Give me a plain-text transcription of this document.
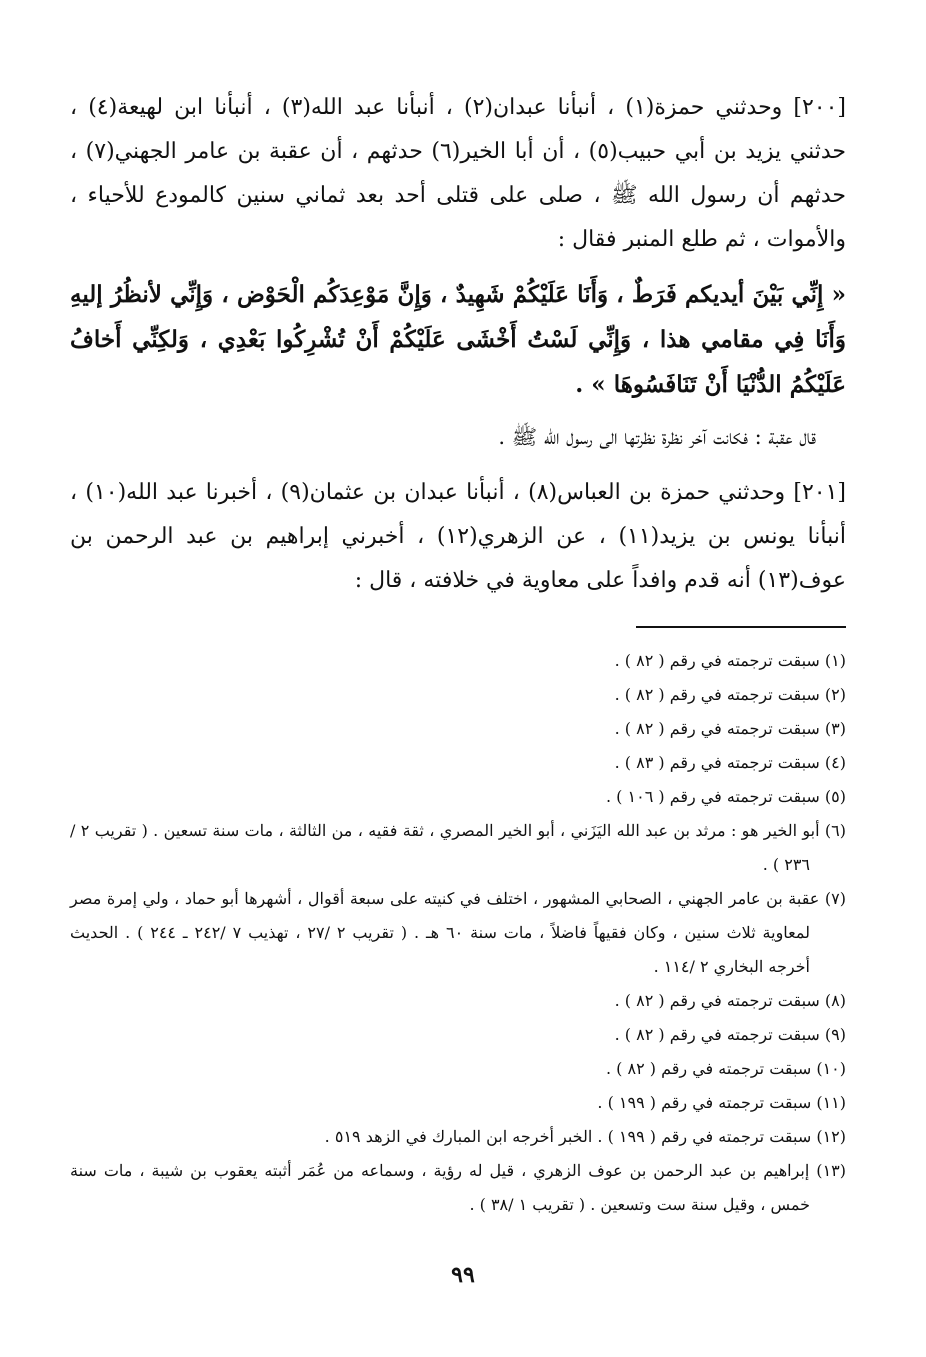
[٢٠٠] وحدثني حمزة(١) ، أنبأنا عبدان(٢) ، أنبأنا عبد الله(٣) ، أنبأنا ابن لهيعة(٤) ، حدثني يزيد بن أبي حبيب(٥) ، أن أبا الخير(٦) حدثهم ، أن عقبة بن عامر الجهني(٧) ، حدثهم أن رسول الله ﷺ ، صلى على قتلى أحد بعد ثماني سنين كالمودع للأحياء ، والأموات ، ثم طلع المنبر فقال :

« إِنِّي بَيْنَ أيديكم فَرَطٌ ، وَأَنَا عَلَيْكُمْ شَهِيدٌ ، وَإِنَّ مَوْعِدَكُم الْحَوْض ، وَإِنِّي لأنظُرُ إليهِ وَأَنَا فِي مقامي هذا ، وَإِنِّي لَسْتُ أَخْشَى عَلَيْكُمْ أَنْ تُشْرِكُوا بَعْدِي ، وَلكِنِّي أَخافُ عَلَيْكُمُ الدُّنْيَا أَنْ تَنَافَسُوهَا » .

قال عقبة : فكانت آخر نظرة نظرتها الى رسول الله ﷺ .

[٢٠١] وحدثني حمزة بن العباس(٨) ، أنبأنا عبدان بن عثمان(٩) ، أخبرنا عبد الله(١٠) ، أنبأنا يونس بن يزيد(١١) ، عن الزهري(١٢) ، أخبرني إبراهيم بن عبد الرحمن بن عوف(١٣) أنه قدم وافداً على معاوية في خلافته ، قال :

(١) سبقت ترجمته في رقم ( ٨٢ ) .

(٢) سبقت ترجمته في رقم ( ٨٢ ) .

(٣) سبقت ترجمته في رقم ( ٨٢ ) .

(٤) سبقت ترجمته في رقم ( ٨٣ ) .

(٥) سبقت ترجمته في رقم ( ١٠٦ ) .

(٦) أبو الخير هو : مرثد بن عبد الله اليَزَني ، أبو الخير المصري ، ثقة فقيه ، من الثالثة ، مات سنة تسعين . ( تقريب ٢ /٢٣٦ ) .

(٧) عقبة بن عامر الجهني ، الصحابي المشهور ، اختلف في كنيته على سبعة أقوال ، أشهرها أبو حماد ، ولي إمرة مصر لمعاوية ثلاث سنين ، وكان فقيهاً فاضلاً ، مات سنة ٦٠ هـ . ( تقريب ٢ /٢٧ ، تهذيب ٧ /٢٤٢ ـ ٢٤٤ ) . الحديث أخرجه البخاري ٢ /١١٤ .

(٨) سبقت ترجمته في رقم ( ٨٢ ) .

(٩) سبقت ترجمته في رقم ( ٨٢ ) .

(١٠) سبقت ترجمته في رقم ( ٨٢ ) .

(١١) سبقت ترجمته في رقم ( ١٩٩ ) .

(١٢) سبقت ترجمته في رقم ( ١٩٩ ) . الخبر أخرجه ابن المبارك في الزهد ٥١٩ .

(١٣) إبراهيم بن عبد الرحمن بن عوف الزهري ، قيل له رؤية ، وسماعه من عُمَر أثبته يعقوب بن شيبة ، مات سنة خمس ، وقيل سنة ست وتسعين . ( تقريب ١ /٣٨ ) .

٩٩
